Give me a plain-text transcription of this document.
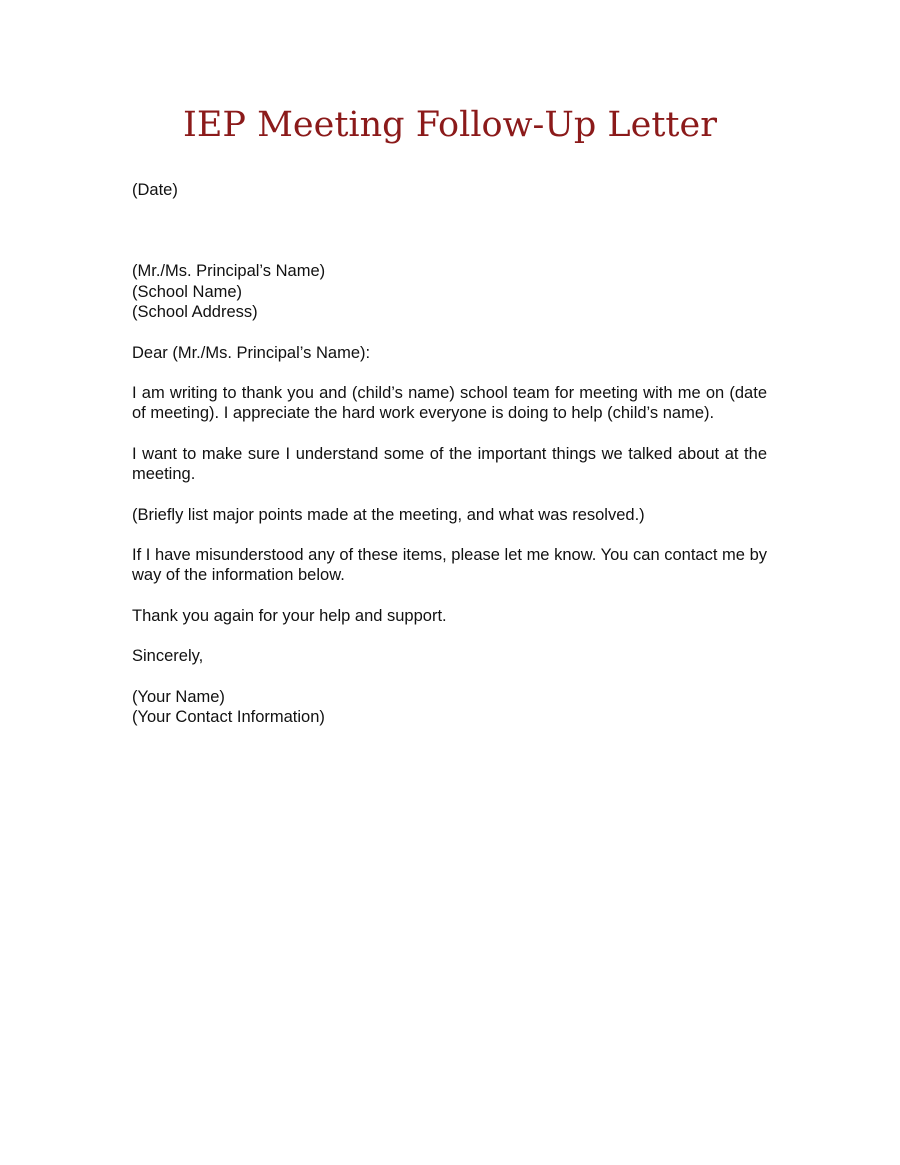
IEP Meeting Follow-Up Letter
(Date)
(Mr./Ms. Principal’s Name)
(School Name)
(School Address)
Dear (Mr./Ms. Principal’s Name):

I am writing to thank you and (child’s name) school team for meeting with me on (date of meeting). I appreciate the hard work everyone is doing to help (child’s name).

I want to make sure I understand some of the important things we talked about at the meeting.

(Briefly list major points made at the meeting, and what was resolved.)

If I have misunderstood any of these items, please let me know. You can contact me by way of the information below.

Thank you again for your help and support.

Sincerely,
(Your Name)
(Your Contact Information)
